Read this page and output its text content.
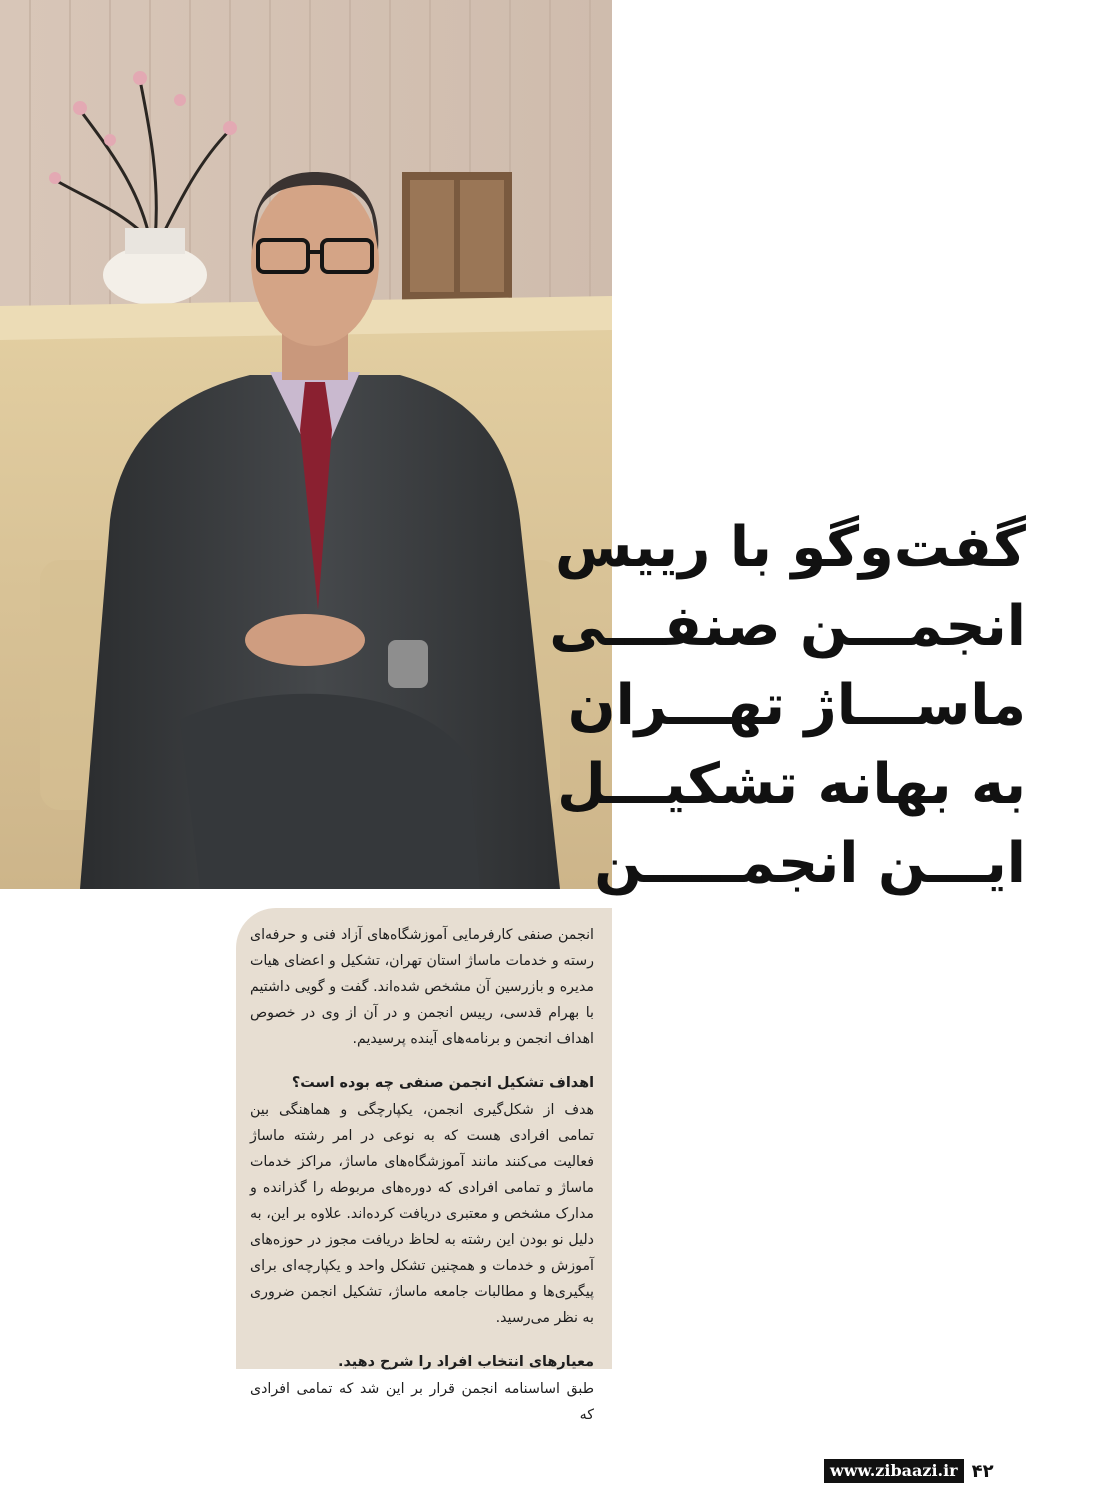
گفت‌وگو با رییس
انجمـــن صنفـــی
ماســـاژ تهـــران
به بهانه تشکیـــل
ایـــن انجمـــــن

انجمن صنفی کارفرمایی آموزشگاه‌های آزاد فنی و حرفه‌ای رسته و خدمات ماساژ استان تهران، تشکیل و اعضای هیات مدیره و بازرسین آن مشخص شده‌اند. گفت و گویی داشتیم با بهرام قدسی، رییس انجمن و در آن از وی در خصوص اهداف انجمن و برنامه‌های آینده پرسیدیم.

اهداف تشکیل انجمن صنفی چه بوده است؟

هدف از شکل‌گیری انجمن، یکپارچگی و هماهنگی بین تمامی افرادی هست که به نوعی در امر رشته ماساژ فعالیت می‌کنند مانند آموزشگاه‌های ماساژ، مراکز خدمات ماساژ و تمامی افرادی که دوره‌های مربوطه را گذرانده و مدارک مشخص و معتبری دریافت کرده‌اند. علاوه بر این، به دلیل نو بودن این رشته به لحاظ دریافت مجوز در حوزه‌های آموزش و خدمات و همچنین تشکل واحد و یکپارچه‌ای برای پیگیری‌ها و مطالبات جامعه ماساژ، تشکیل انجمن ضروری به نظر می‌رسید.

معیارهای انتخاب افراد را شرح دهید.

طبق اساسنامه انجمن قرار بر این شد که تمامی افرادی که

www.zibaazi.ir ۴۲
